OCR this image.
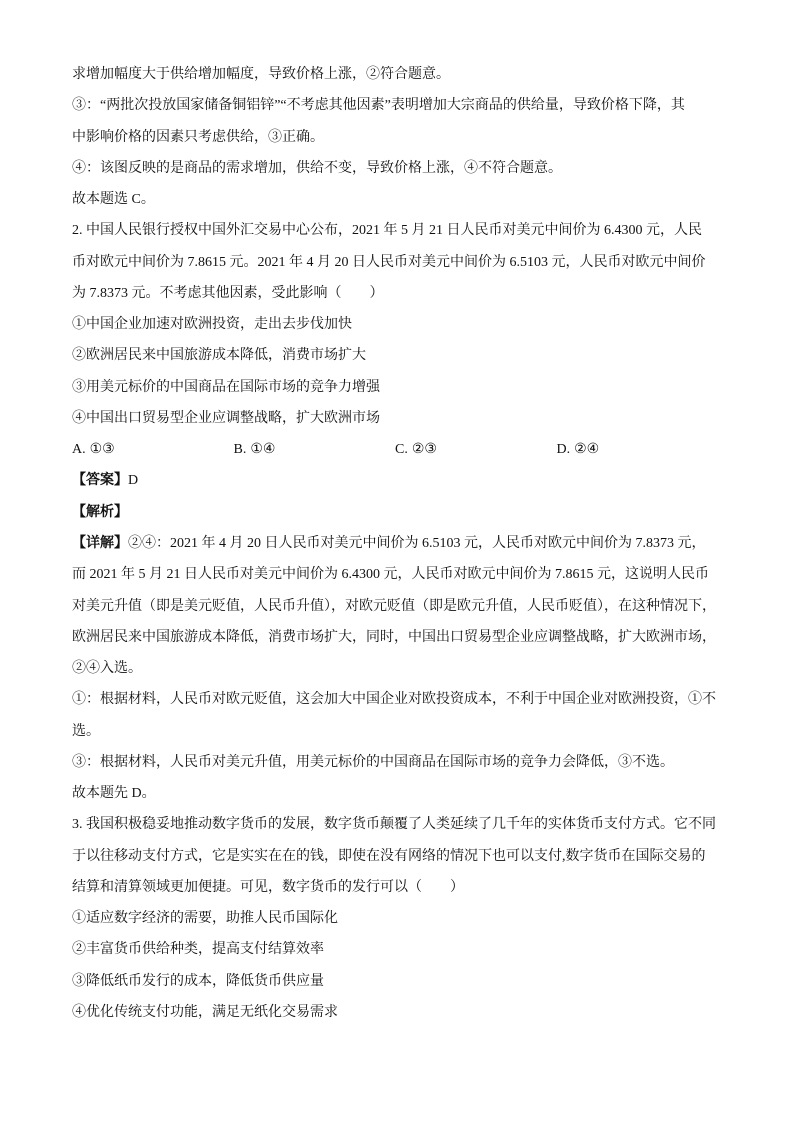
求增加幅度大于供给增加幅度，导致价格上涨，②符合题意。
③：“两批次投放国家储备铜铝锌”“不考虑其他因素”表明增加大宗商品的供给量，导致价格下降，其
中影响价格的因素只考虑供给，③正确。
④：该图反映的是商品的需求增加，供给不变，导致价格上涨，④不符合题意。
故本题选 C。
2. 中国人民银行授权中国外汇交易中心公布，2021 年 5 月 21 日人民币对美元中间价为 6.4300 元，人民
币对欧元中间价为 7.8615 元。2021 年 4 月 20 日人民币对美元中间价为 6.5103 元，人民币对欧元中间价
为 7.8373 元。不考虑其他因素，受此影响（　　）
①中国企业加速对欧洲投资，走出去步伐加快
②欧洲居民来中国旅游成本降低，消费市场扩大
③用美元标价的中国商品在国际市场的竞争力增强
④中国出口贸易型企业应调整战略，扩大欧洲市场
A. ①③	B. ①④	C. ②③	D. ②④
【答案】D
【解析】
【详解】②④：2021 年 4 月 20 日人民币对美元中间价为 6.5103 元，人民币对欧元中间价为 7.8373 元，
而 2021 年 5 月 21 日人民币对美元中间价为 6.4300 元，人民币对欧元中间价为 7.8615 元，这说明人民币
对美元升值（即是美元贬值，人民币升值），对欧元贬值（即是欧元升值，人民币贬值），在这种情况下，
欧洲居民来中国旅游成本降低，消费市场扩大，同时，中国出口贸易型企业应调整战略，扩大欧洲市场，
②④入选。
①：根据材料，人民币对欧元贬值，这会加大中国企业对欧投资成本，不利于中国企业对欧洲投资，①不
选。
③：根据材料，人民币对美元升值，用美元标价的中国商品在国际市场的竞争力会降低，③不选。
故本题先 D。
3. 我国积极稳妥地推动数字货币的发展，数字货币颠覆了人类延续了几千年的实体货币支付方式。它不同
于以往移动支付方式，它是实实在在的钱，即使在没有网络的情况下也可以支付,数字货币在国际交易的
结算和清算领域更加便捷。可见，数字货币的发行可以（　　）
①适应数字经济的需要，助推人民币国际化
②丰富货币供给种类，提高支付结算效率
③降低纸币发行的成本，降低货币供应量
④优化传统支付功能，满足无纸化交易需求
